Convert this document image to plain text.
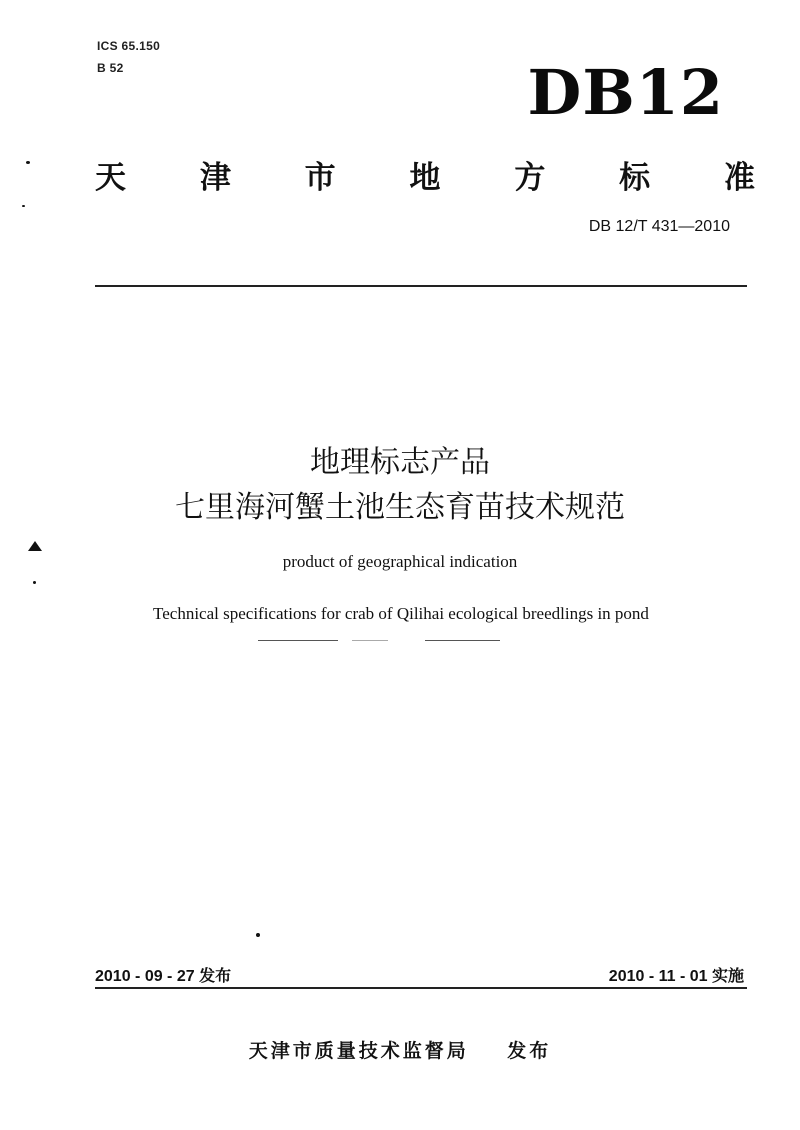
ICS 65.150
B 52	DB12
天 津 市 地 方 标 准
DB 12/T 431—2010
地理标志产品
七里海河蟹土池生态育苗技术规范
product of geographical indication
Technical specifications for crab of Qilihai ecological breedlings in pond
2010 - 09 - 27 发布	2010 - 11 - 01 实施
天津市质量技术监督局    发布
